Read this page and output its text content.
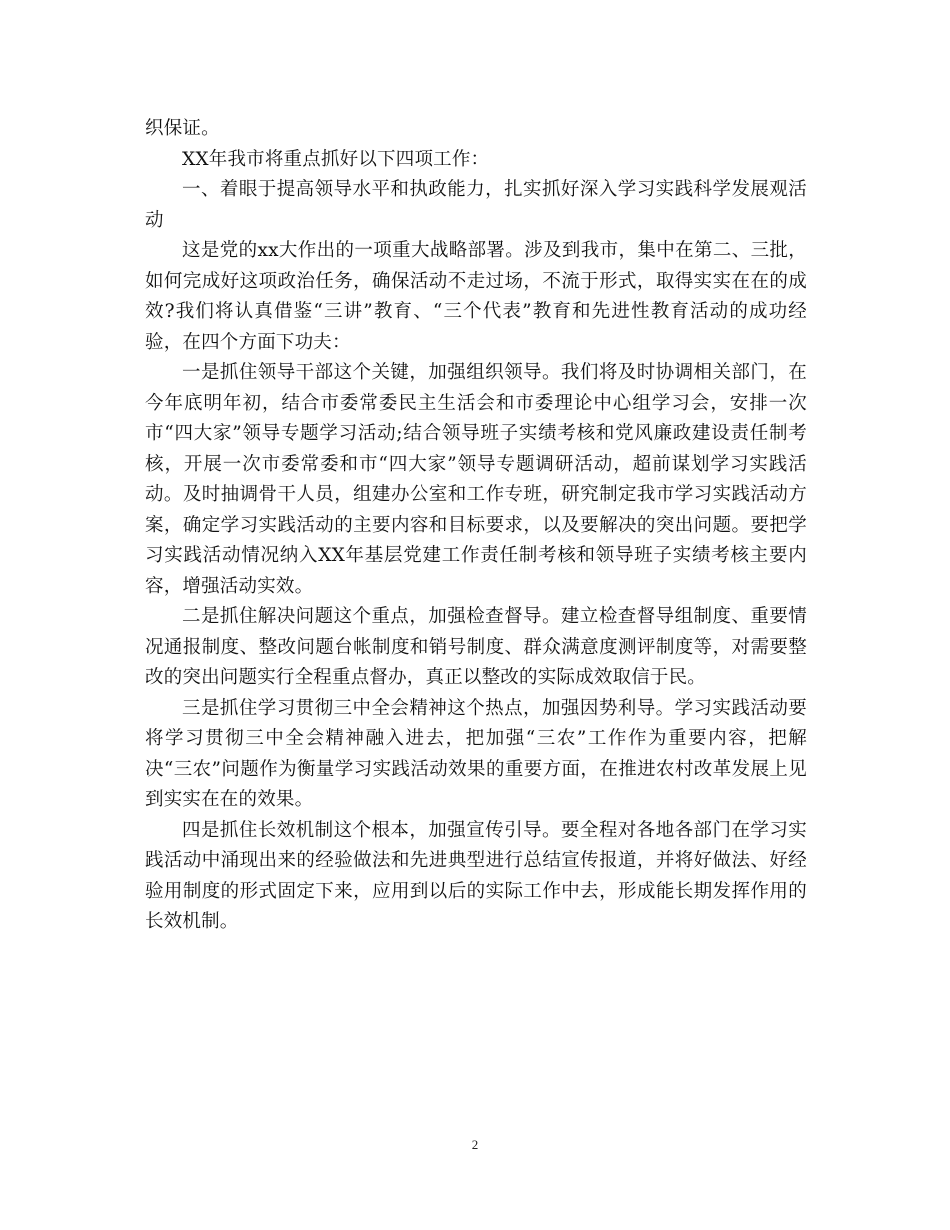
织保证。

XX年我市将重点抓好以下四项工作：

一、着眼于提高领导水平和执政能力，扎实抓好深入学习实践科学发展观活动

这是党的xx大作出的一项重大战略部署。涉及到我市，集中在第二、三批，如何完成好这项政治任务，确保活动不走过场，不流于形式，取得实实在在的成效?我们将认真借鉴“三讲”教育、“三个代表”教育和先进性教育活动的成功经验，在四个方面下功夫：

一是抓住领导干部这个关键，加强组织领导。我们将及时协调相关部门，在今年底明年初，结合市委常委民主生活会和市委理论中心组学习会，安排一次市“四大家”领导专题学习活动;结合领导班子实绩考核和党风廉政建设责任制考核，开展一次市委常委和市“四大家”领导专题调研活动，超前谋划学习实践活动。及时抽调骨干人员，组建办公室和工作专班，研究制定我市学习实践活动方案，确定学习实践活动的主要内容和目标要求，以及要解决的突出问题。要把学习实践活动情况纳入XX年基层党建工作责任制考核和领导班子实绩考核主要内容，增强活动实效。

二是抓住解决问题这个重点，加强检查督导。建立检查督导组制度、重要情况通报制度、整改问题台帐制度和销号制度、群众满意度测评制度等，对需要整改的突出问题实行全程重点督办，真正以整改的实际成效取信于民。

三是抓住学习贯彻三中全会精神这个热点，加强因势利导。学习实践活动要将学习贯彻三中全会精神融入进去，把加强“三农”工作作为重要内容，把解决“三农”问题作为衡量学习实践活动效果的重要方面，在推进农村改革发展上见到实实在在的效果。

四是抓住长效机制这个根本，加强宣传引导。要全程对各地各部门在学习实践活动中涌现出来的经验做法和先进典型进行总结宣传报道，并将好做法、好经验用制度的形式固定下来，应用到以后的实际工作中去，形成能长期发挥作用的长效机制。

2
